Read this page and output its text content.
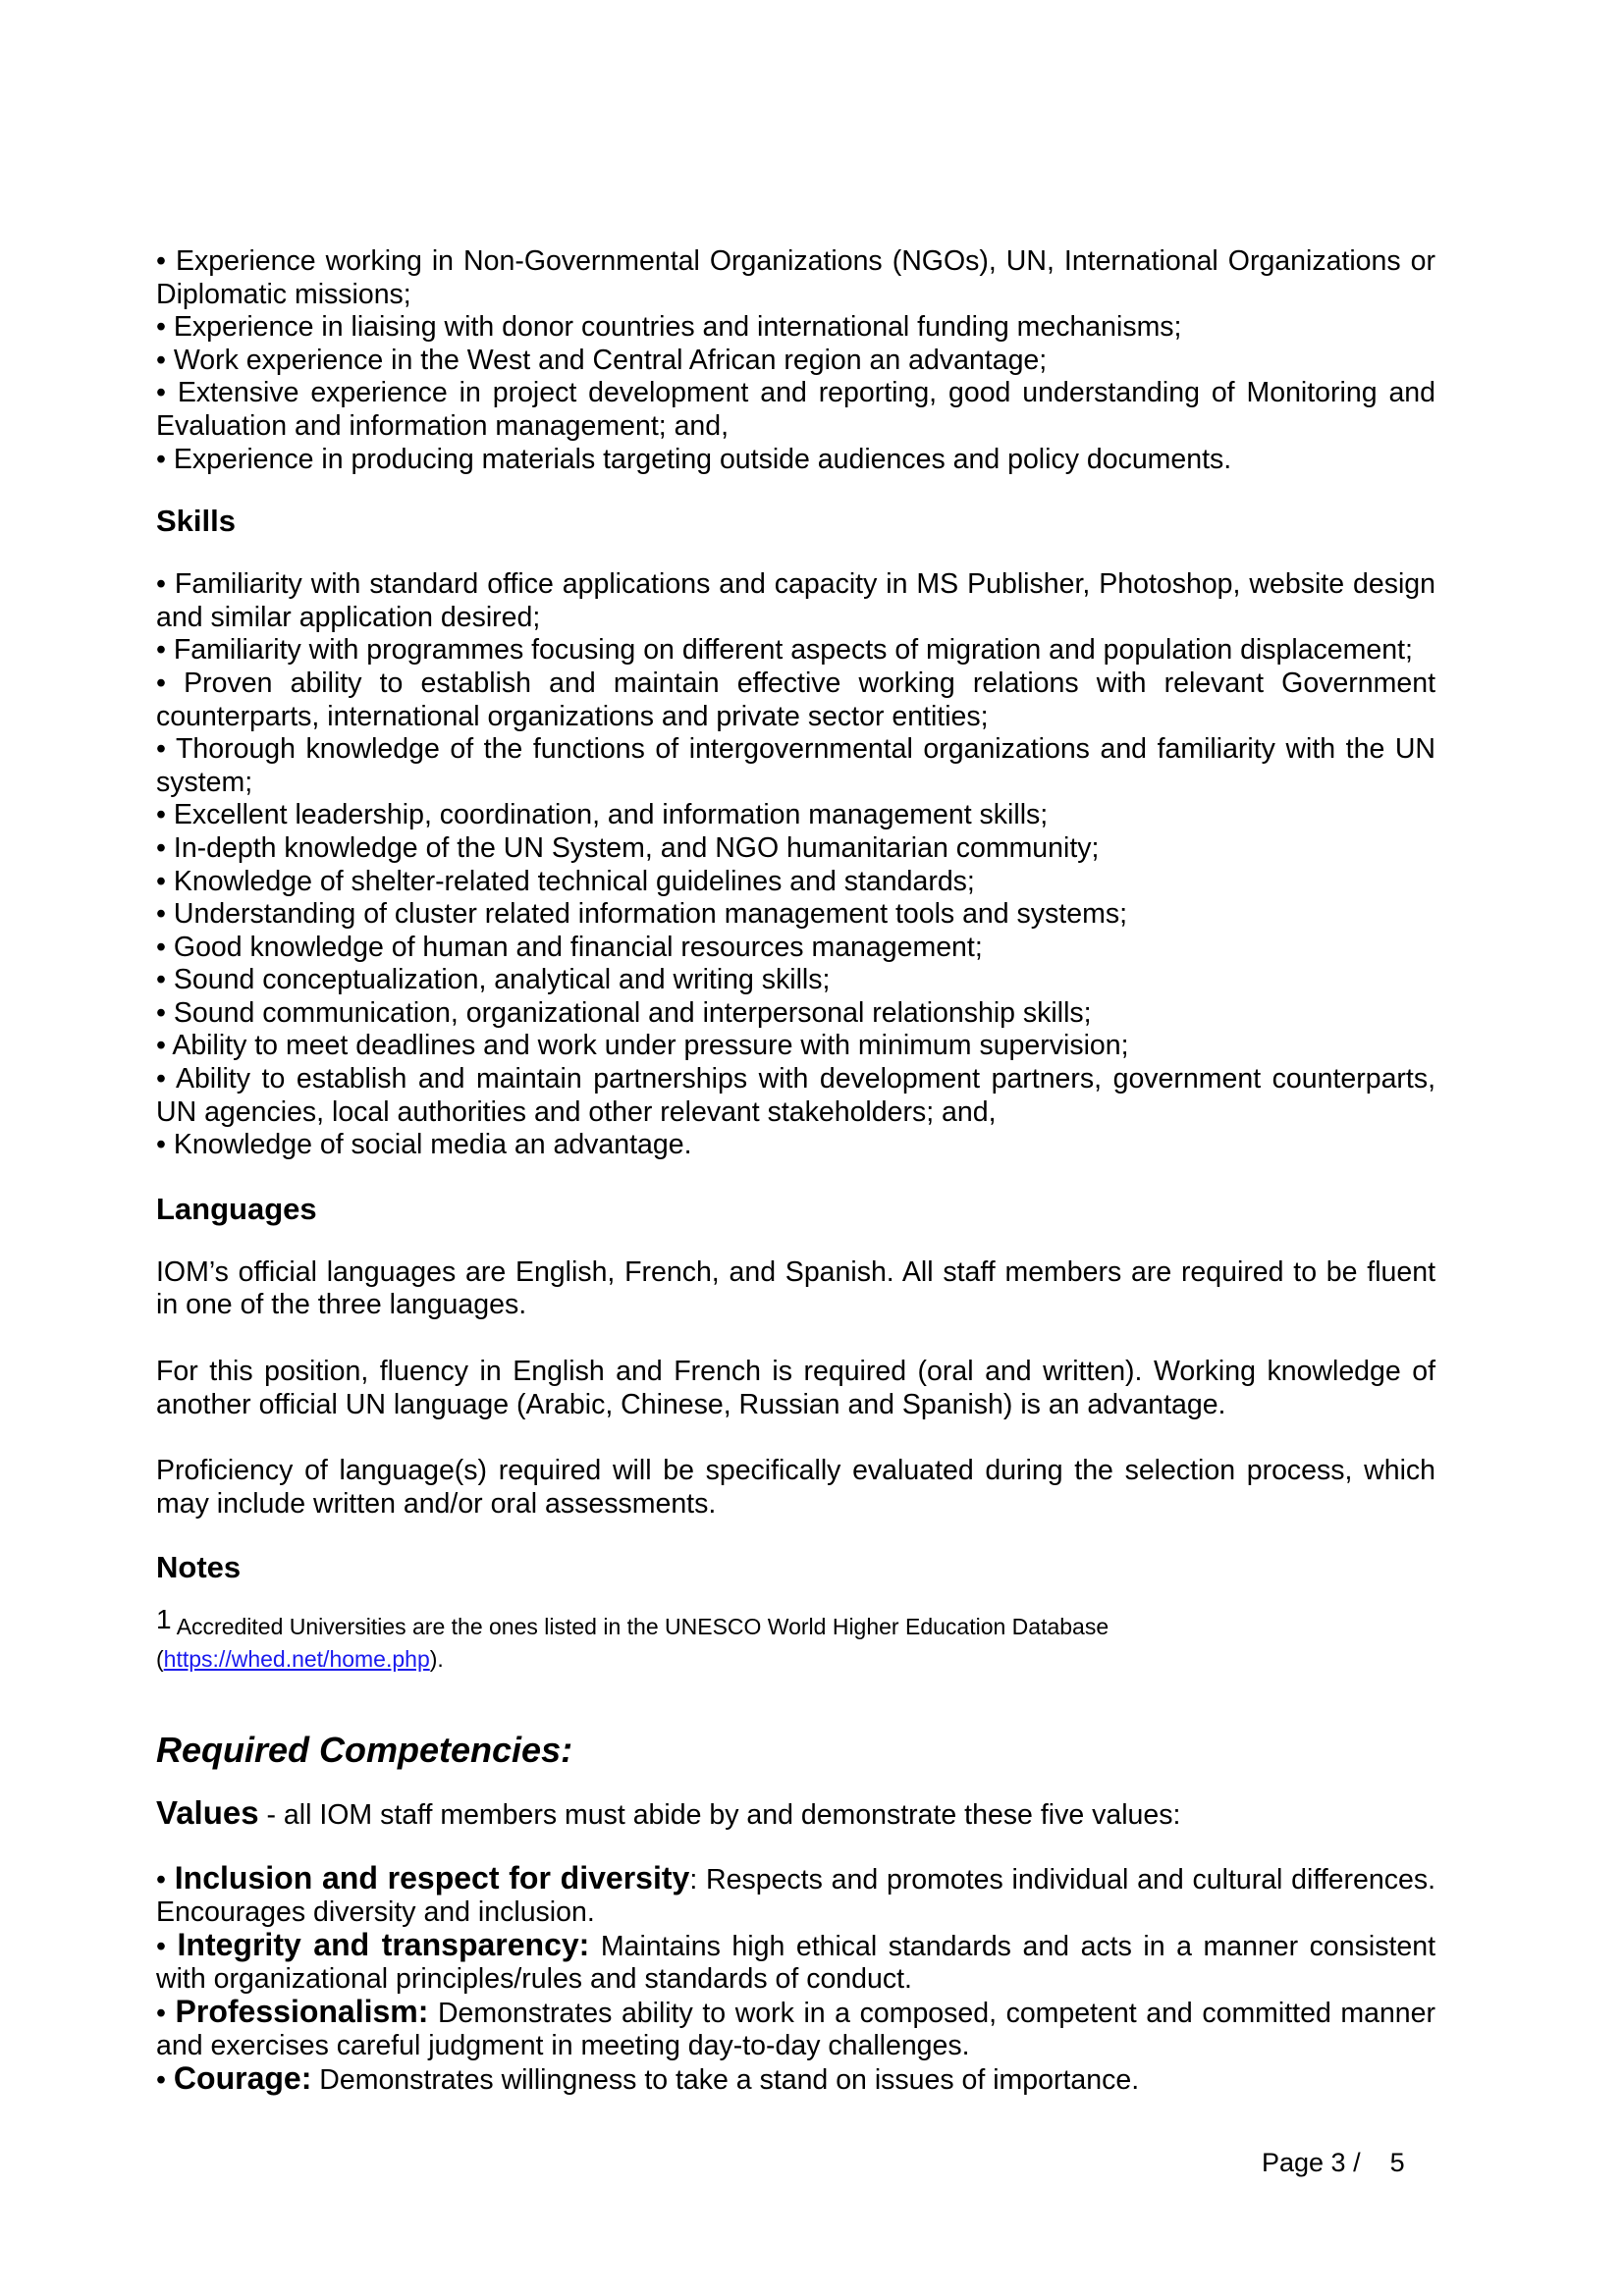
• Experience working in Non-Governmental Organizations (NGOs), UN, International Organizations or Diplomatic missions;

• Experience in liaising with donor countries and international funding mechanisms;

• Work experience in the West and Central African region an advantage;

• Extensive experience in project development and reporting, good understanding of Monitoring and Evaluation and information management; and,

• Experience in producing materials targeting outside audiences and policy documents.

Skills

• Familiarity with standard office applications and capacity in MS Publisher, Photoshop, website design and similar application desired;

• Familiarity with programmes focusing on different aspects of migration and population displacement;

• Proven ability to establish and maintain effective working relations with relevant Government counterparts, international organizations and private sector entities;

• Thorough knowledge of the functions of intergovernmental organizations and familiarity with the UN system;

• Excellent leadership, coordination, and information management skills;

• In-depth knowledge of the UN System, and NGO humanitarian community;

• Knowledge of shelter-related technical guidelines and standards;

• Understanding of cluster related information management tools and systems;

• Good knowledge of human and financial resources management;

• Sound conceptualization, analytical and writing skills;

• Sound communication, organizational and interpersonal relationship skills;

• Ability to meet deadlines and work under pressure with minimum supervision;

• Ability to establish and maintain partnerships with development partners, government counterparts, UN agencies, local authorities and other relevant stakeholders; and,

• Knowledge of social media an advantage.

Languages

IOM’s official languages are English, French, and Spanish. All staff members are required to be fluent in one of the three languages.

For this position, fluency in English and French is required (oral and written). Working knowledge of another official UN language (Arabic, Chinese, Russian and Spanish) is an advantage.

Proficiency of language(s) required will be specifically evaluated during the selection process, which may include written and/or oral assessments.

Notes
$^1$ Accredited Universities are the ones listed in the UNESCO World Higher Education Database
(https://whed.net/home.php).
Required Competencies:

Values - all IOM staff members must abide by and demonstrate these five values:

• Inclusion and respect for diversity: Respects and promotes individual and cultural differences. Encourages diversity and inclusion.

• Integrity and transparency: Maintains high ethical standards and acts in a manner consistent with organizational principles/rules and standards of conduct.

• Professionalism: Demonstrates ability to work in a composed, competent and committed manner and exercises careful judgment in meeting day-to-day challenges.

• Courage: Demonstrates willingness to take a stand on issues of importance.

Page 3 / 5
